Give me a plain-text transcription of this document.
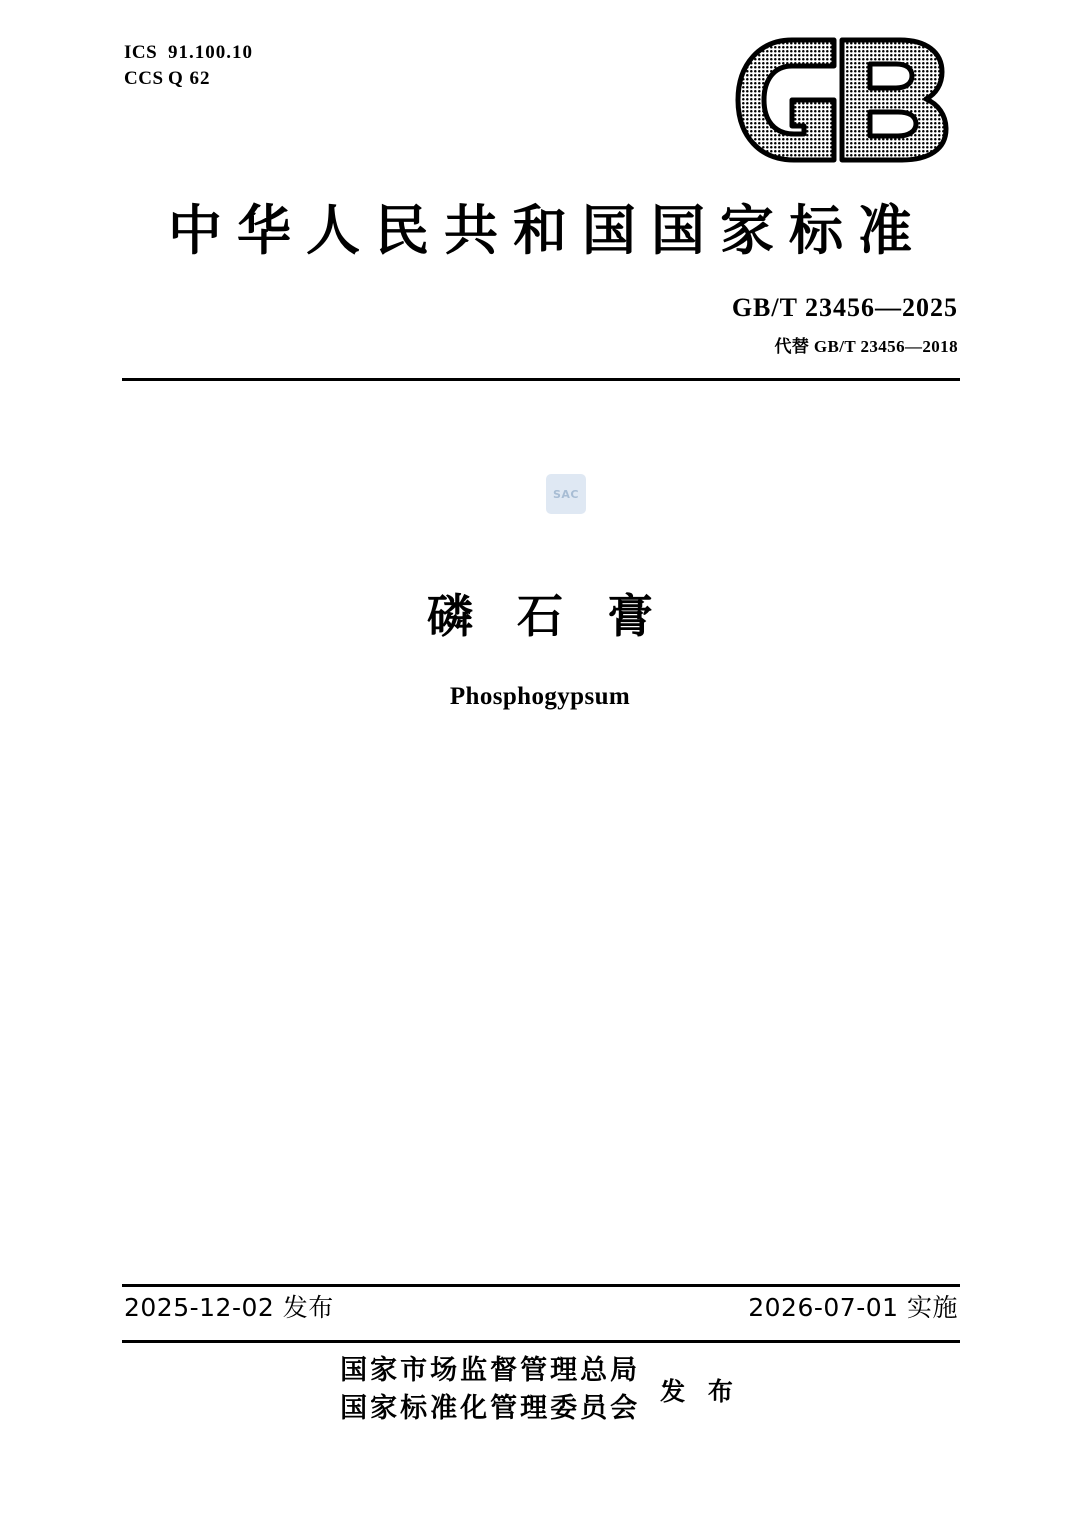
ICS 91.100.10
CCS Q 62
中华人民共和国国家标准
GB/T 23456—2025
代替 GB/T 23456—2018
SAC
磷石膏
Phosphogypsum
2025-12-02 发布	2026-07-01 实施
国家市场监督管理总局
国家标准化管理委员会
发 布
